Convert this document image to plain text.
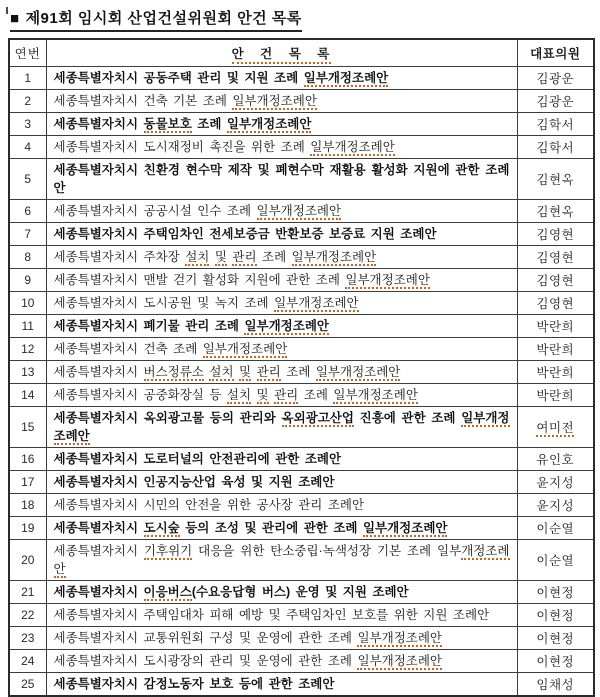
■ 제91회 임시회 산업건설위원회 안건 목록
연번	안 건 목 록	대표의원
1	세종특별자치시 공동주택 관리 및 지원 조례 일부개정조례안	김광운
2	세종특별자치시 건축 기본 조례 일부개정조례안	김광운
3	세종특별자치시 동물보호 조례 일부개정조례안	김학서
4	세종특별자치시 도시재정비 촉진을 위한 조례 일부개정조례안	김학서
5	세종특별자치시 친환경 현수막 제작 및 폐현수막 재활용 활성화 지원에 관한 조례안	김현옥
6	세종특별자치시 공공시설 인수 조례 일부개정조례안	김현옥
7	세종특별자치시 주택임차인 전세보증금 반환보증 보증료 지원 조례안	김영현
8	세종특별자치시 주차장 설치 및 관리 조례 일부개정조례안	김영현
9	세종특별자치시 맨발 걷기 활성화 지원에 관한 조례 일부개정조례안	김영현
10	세종특별자치시 도시공원 및 녹지 조례 일부개정조례안	김영현
11	세종특별자치시 폐기물 관리 조례 일부개정조례안	박란희
12	세종특별자치시 건축 조례 일부개정조례안	박란희
13	세종특별자치시 버스정류소 설치 및 관리 조례 일부개정조례안	박란희
14	세종특별자치시 공중화장실 등 설치 및 관리 조례 일부개정조례안	박란희
15	세종특별자치시 옥외광고물 등의 관리와 옥외광고산업 진흥에 관한 조례 일부개정조례안	여미전
16	세종특별자치시 도로터널의 안전관리에 관한 조례안	유인호
17	세종특별자치시 인공지능산업 육성 및 지원 조례안	윤지성
18	세종특별자치시 시민의 안전을 위한 공사장 관리 조례안	윤지성
19	세종특별자치시 도시숲 등의 조성 및 관리에 관한 조례 일부개정조례안	이순열
20	세종특별자치시 기후위기 대응을 위한 탄소중립·녹색성장 기본 조례 일부개정조례안	이순열
21	세종특별자치시 이응버스(수요응답형 버스) 운영 및 지원 조례안	이현정
22	세종특별자치시 주택임대차 피해 예방 및 주택임차인 보호를 위한 지원 조례안	이현정
23	세종특별자치시 교통위원회 구성 및 운영에 관한 조례 일부개정조례안	이현정
24	세종특별자치시 도시광장의 관리 및 운영에 관한 조례 일부개정조례안	이현정
25	세종특별자치시 감정노동자 보호 등에 관한 조례안	임채성
